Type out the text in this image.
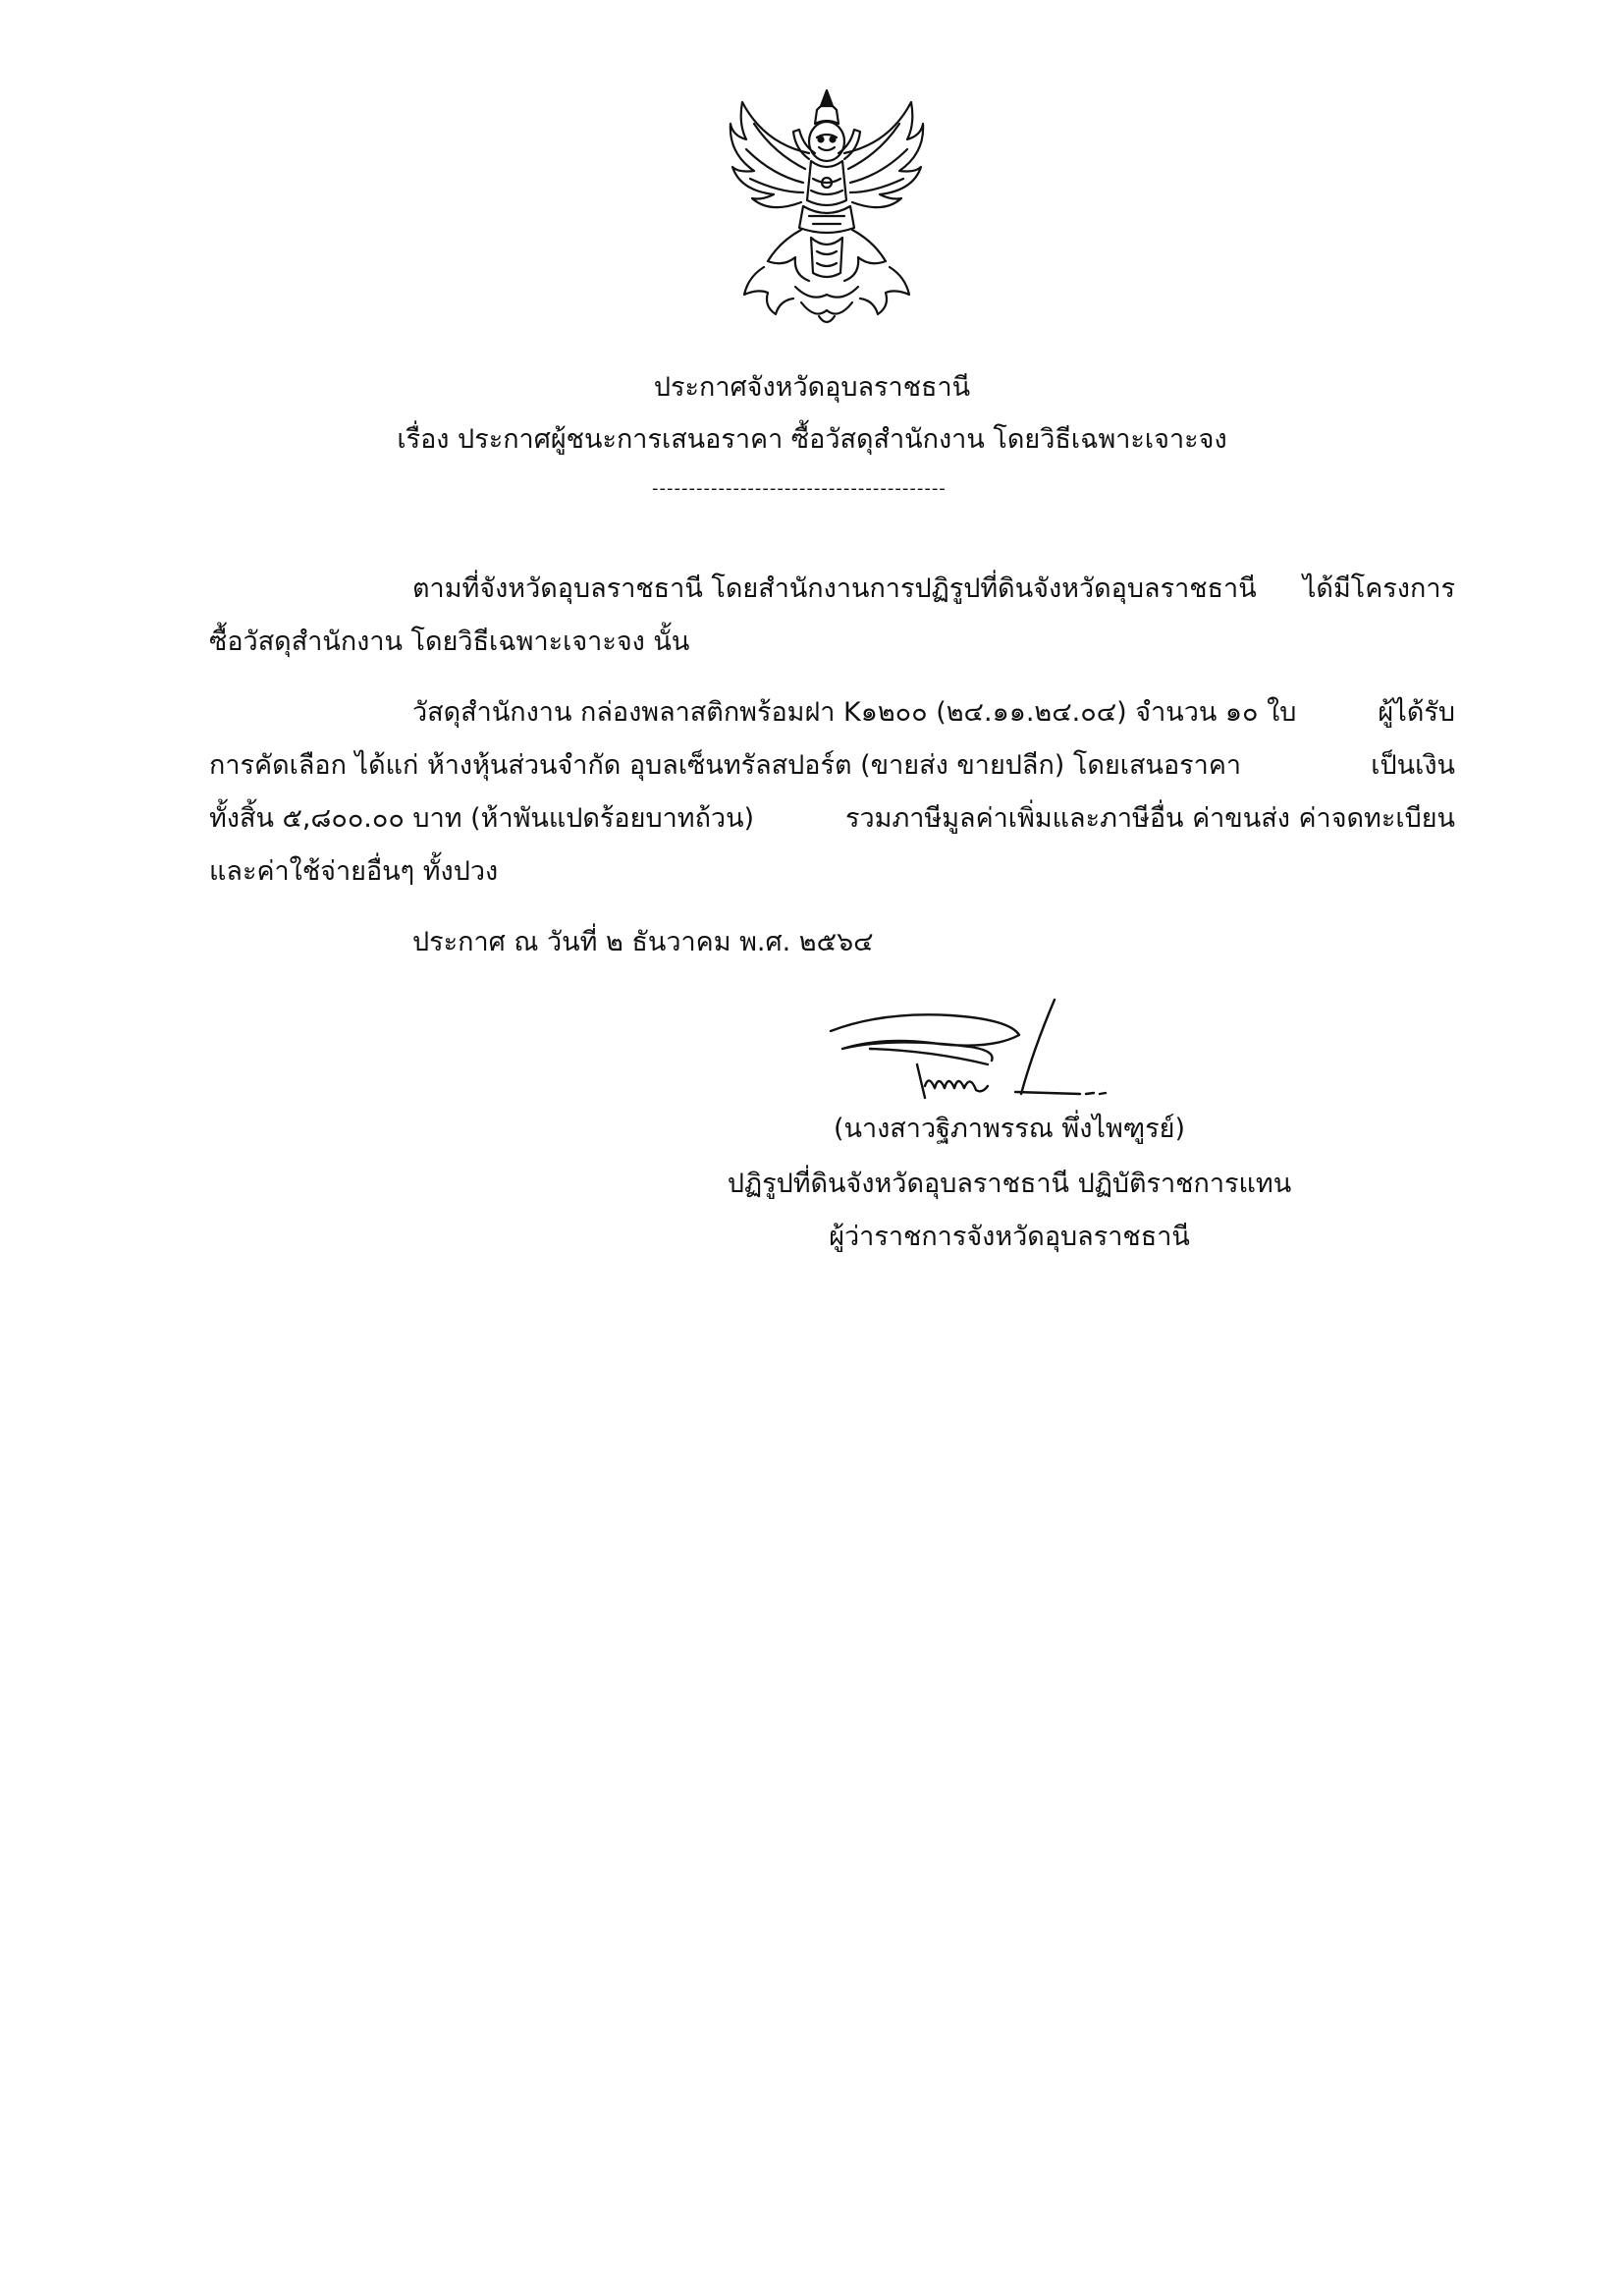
ประกาศจังหวัดอุบลราชธานี
เรื่อง ประกาศผู้ชนะการเสนอราคา ซื้อวัสดุสำนักงาน โดยวิธีเฉพาะเจาะจง
----------------------------------------
ตามที่จังหวัดอุบลราชธานี โดยสำนักงานการปฏิรูปที่ดินจังหวัดอุบลราชธานี ได้มีโครงการ
ซื้อวัสดุสำนักงาน โดยวิธีเฉพาะเจาะจง นั้น
วัสดุสำนักงาน กล่องพลาสติกพร้อมฝา K๑๒๐๐ (๒๔.๑๑.๒๔.๐๔) จำนวน ๑๐ ใบ	ผู้ได้รับ
การคัดเลือก ได้แก่ ห้างหุ้นส่วนจำกัด อุบลเซ็นทรัลสปอร์ต (ขายส่ง ขายปลีก) โดยเสนอราคา	เป็นเงิน
ทั้งสิ้น ๕,๘๐๐.๐๐ บาท (ห้าพันแปดร้อยบาทถ้วน)	รวมภาษีมูลค่าเพิ่มและภาษีอื่น ค่าขนส่ง ค่าจดทะเบียน
และค่าใช้จ่ายอื่นๆ ทั้งปวง
ประกาศ ณ วันที่ ๒ ธันวาคม พ.ศ. ๒๕๖๔
(นางสาวฐิภาพรรณ พึ่งไพฑูรย์)
ปฏิรูปที่ดินจังหวัดอุบลราชธานี ปฏิบัติราชการแทน
ผู้ว่าราชการจังหวัดอุบลราชธานี
